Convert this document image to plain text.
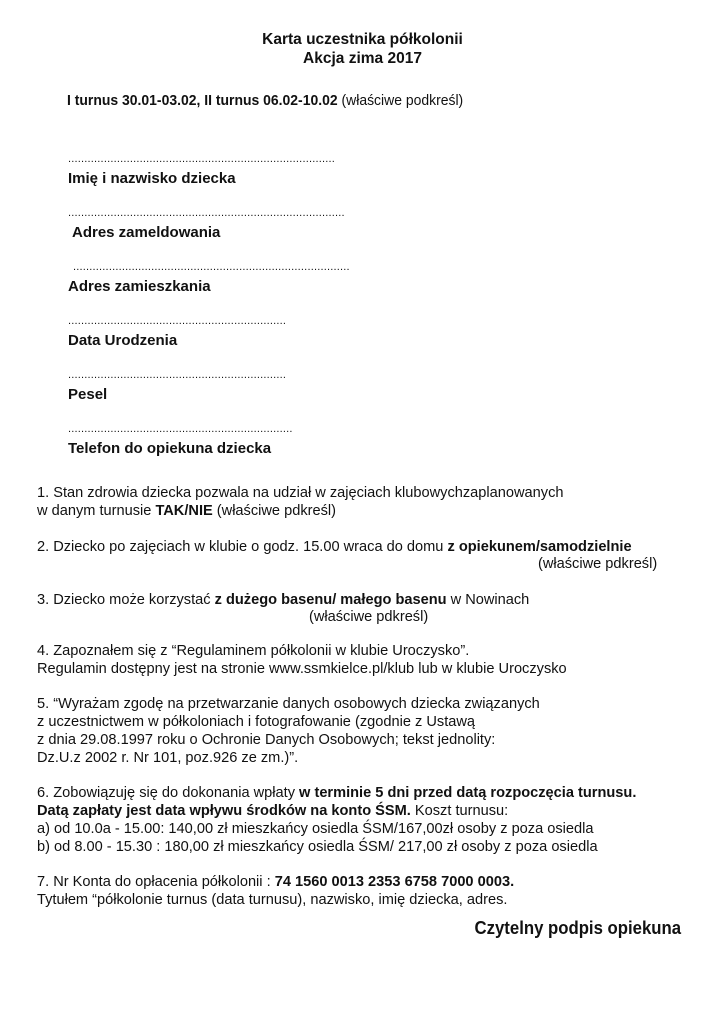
Karta uczestnika półkolonii
Akcja zima 2017
I turnus 30.01-03.02, II turnus 06.02-10.02 (właściwe podkreśl)
..................................................................................
Imię i nazwisko dziecka
.....................................................................................
Adres zameldowania
.....................................................................................
Adres zamieszkania
...................................................................
Data Urodzenia
...................................................................
Pesel
.....................................................................
Telefon do opiekuna dziecka
1. Stan zdrowia dziecka pozwala na udział w zajęciach klubowychzaplanowanych
w danym turnusie TAK/NIE (właściwe pdkreśl)
2. Dziecko po zajęciach w klubie o godz. 15.00 wraca do domu z opiekunem/samodzielnie
(właściwe pdkreśl)
3. Dziecko może korzystać z dużego basenu/ małego basenu w Nowinach
(właściwe pdkreśl)
4. Zapoznałem się z “Regulaminem półkolonii w klubie Uroczysko”.
Regulamin dostępny jest na stronie www.ssmkielce.pl/klub lub w klubie Uroczysko
5. “Wyrażam zgodę na przetwarzanie danych osobowych dziecka związanych
z uczestnictwem w półkoloniach i fotografowanie (zgodnie z Ustawą
z dnia 29.08.1997 roku o Ochronie Danych Osobowych; tekst jednolity:
Dz.U.z 2002 r. Nr 101, poz.926 ze zm.)”.
6. Zobowiązuję się do dokonania wpłaty w terminie 5 dni przed datą rozpoczęcia turnusu.
Datą zapłaty jest data wpływu środków na konto ŚSM. Koszt turnusu:
a) od 10.0a - 15.00: 140,00 zł mieszkańcy osiedla ŚSM/167,00zł osoby z poza osiedla
b) od 8.00 - 15.30 : 180,00 zł mieszkańcy osiedla ŚSM/ 217,00 zł osoby z poza osiedla
7. Nr Konta do opłacenia półkolonii : 74 1560 0013 2353 6758 7000 0003.
Tytułem “półkolonie turnus (data turnusu), nazwisko, imię dziecka, adres.
Czytelny podpis opiekuna
